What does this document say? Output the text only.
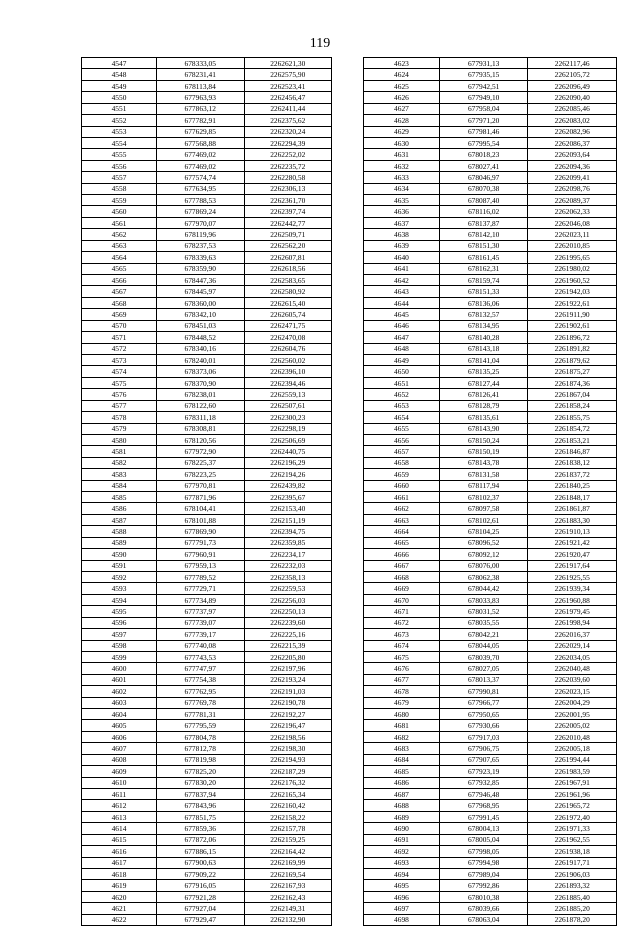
119
4547	678333,05	2262621,30
4548	678231,41	2262575,90
4549	678113,84	2262523,41
4550	677963,93	2262456,47
4551	677863,12	2262411,44
4552	677782,91	2262375,62
4553	677629,85	2262320,24
4554	677568,88	2262294,39
4555	677469,02	2262252,02
4556	677469,02	2262235,72
4557	677574,74	2262280,58
4558	677634,95	2262306,13
4559	677788,53	2262361,70
4560	677869,24	2262397,74
4561	677970,07	2262442,77
4562	678119,96	2262509,71
4563	678237,53	2262562,20
4564	678339,63	2262607,81
4565	678359,90	2262618,56
4566	678447,36	2262583,65
4567	678445,97	2262580,92
4568	678360,00	2262615,40
4569	678342,10	2262605,74
4570	678451,03	2262471,75
4571	678448,52	2262470,08
4572	678340,16	2262604,76
4573	678240,01	2262560,02
4574	678373,06	2262396,10
4575	678370,90	2262394,46
4576	678238,01	2262559,13
4577	678122,60	2262507,61
4578	678311,18	2262300,23
4579	678308,81	2262298,19
4580	678120,56	2262506,69
4581	677972,90	2262440,75
4582	678225,37	2262196,29
4583	678223,25	2262194,26
4584	677970,81	2262439,82
4585	677871,96	2262395,67
4586	678104,41	2262153,40
4587	678101,88	2262151,19
4588	677869,90	2262394,75
4589	677791,73	2262359,85
4590	677960,91	2262234,17
4591	677959,13	2262232,03
4592	677789,52	2262358,13
4593	677729,71	2262259,53
4594	677734,89	2262256,03
4595	677737,97	2262250,13
4596	677739,07	2262239,60
4597	677739,17	2262225,16
4598	677740,08	2262215,39
4599	677743,53	2262205,80
4600	677747,97	2262197,96
4601	677754,38	2262193,24
4602	677762,95	2262191,03
4603	677769,78	2262190,78
4604	677781,31	2262192,27
4605	677795,59	2262196,47
4606	677804,78	2262198,56
4607	677812,78	2262198,30
4608	677819,98	2262194,93
4609	677825,20	2262187,29
4610	677830,20	2262176,32
4611	677837,94	2262165,34
4612	677843,96	2262160,42
4613	677851,75	2262158,22
4614	677859,36	2262157,78
4615	677872,06	2262159,25
4616	677886,15	2262164,42
4617	677900,63	2262169,99
4618	677909,22	2262169,54
4619	677916,05	2262167,93
4620	677921,28	2262162,43
4621	677927,04	2262149,31
4622	677929,47	2262132,90
4623	677931,13	2262117,46
4624	677935,15	2262105,72
4625	677942,51	2262096,49
4626	677949,10	2262090,40
4627	677958,04	2262085,46
4628	677971,20	2262083,02
4629	677981,46	2262082,96
4630	677995,54	2262086,37
4631	678018,23	2262093,64
4632	678027,41	2262094,36
4633	678046,97	2262099,41
4634	678070,38	2262098,76
4635	678087,40	2262089,37
4636	678116,02	2262062,33
4637	678137,87	2262046,08
4638	678142,10	2262023,11
4639	678151,30	2262010,85
4640	678161,45	2261995,65
4641	678162,31	2261980,02
4642	678159,74	2261960,52
4643	678151,33	2261942,03
4644	678136,06	2261922,61
4645	678132,57	2261911,90
4646	678134,95	2261902,61
4647	678140,28	2261896,72
4648	678143,18	2261891,82
4649	678141,04	2261879,62
4650	678135,25	2261875,27
4651	678127,44	2261874,36
4652	678126,41	2261867,04
4653	678128,79	2261858,24
4654	678135,61	2261855,75
4655	678143,90	2261854,72
4656	678150,24	2261853,21
4657	678150,19	2261846,87
4658	678143,78	2261838,12
4659	678131,58	2261837,72
4660	678117,94	2261840,25
4661	678102,37	2261848,17
4662	678097,58	2261861,87
4663	678102,61	2261883,30
4664	678104,25	2261910,13
4665	678096,52	2261921,42
4666	678092,12	2261920,47
4667	678076,00	2261917,64
4668	678062,38	2261925,55
4669	678044,42	2261939,34
4670	678033,83	2261960,88
4671	678031,52	2261979,45
4672	678035,55	2261998,94
4673	678042,21	2262016,37
4674	678044,05	2262029,14
4675	678039,70	2262034,05
4676	678027,05	2262040,48
4677	678013,37	2262039,60
4678	677990,81	2262023,15
4679	677966,77	2262004,29
4680	677950,65	2262001,95
4681	677930,66	2262005,02
4682	677917,03	2262010,48
4683	677906,75	2262005,18
4684	677907,65	2261994,44
4685	677923,19	2261983,59
4686	677932,85	2261967,91
4687	677946,48	2261961,96
4688	677968,95	2261965,72
4689	677991,45	2261972,40
4690	678004,13	2261971,33
4691	678005,04	2261962,55
4692	677998,05	2261938,18
4693	677994,98	2261917,71
4694	677989,04	2261906,03
4695	677992,86	2261893,32
4696	678010,38	2261885,40
4697	678039,66	2261885,20
4698	678063,04	2261878,20
